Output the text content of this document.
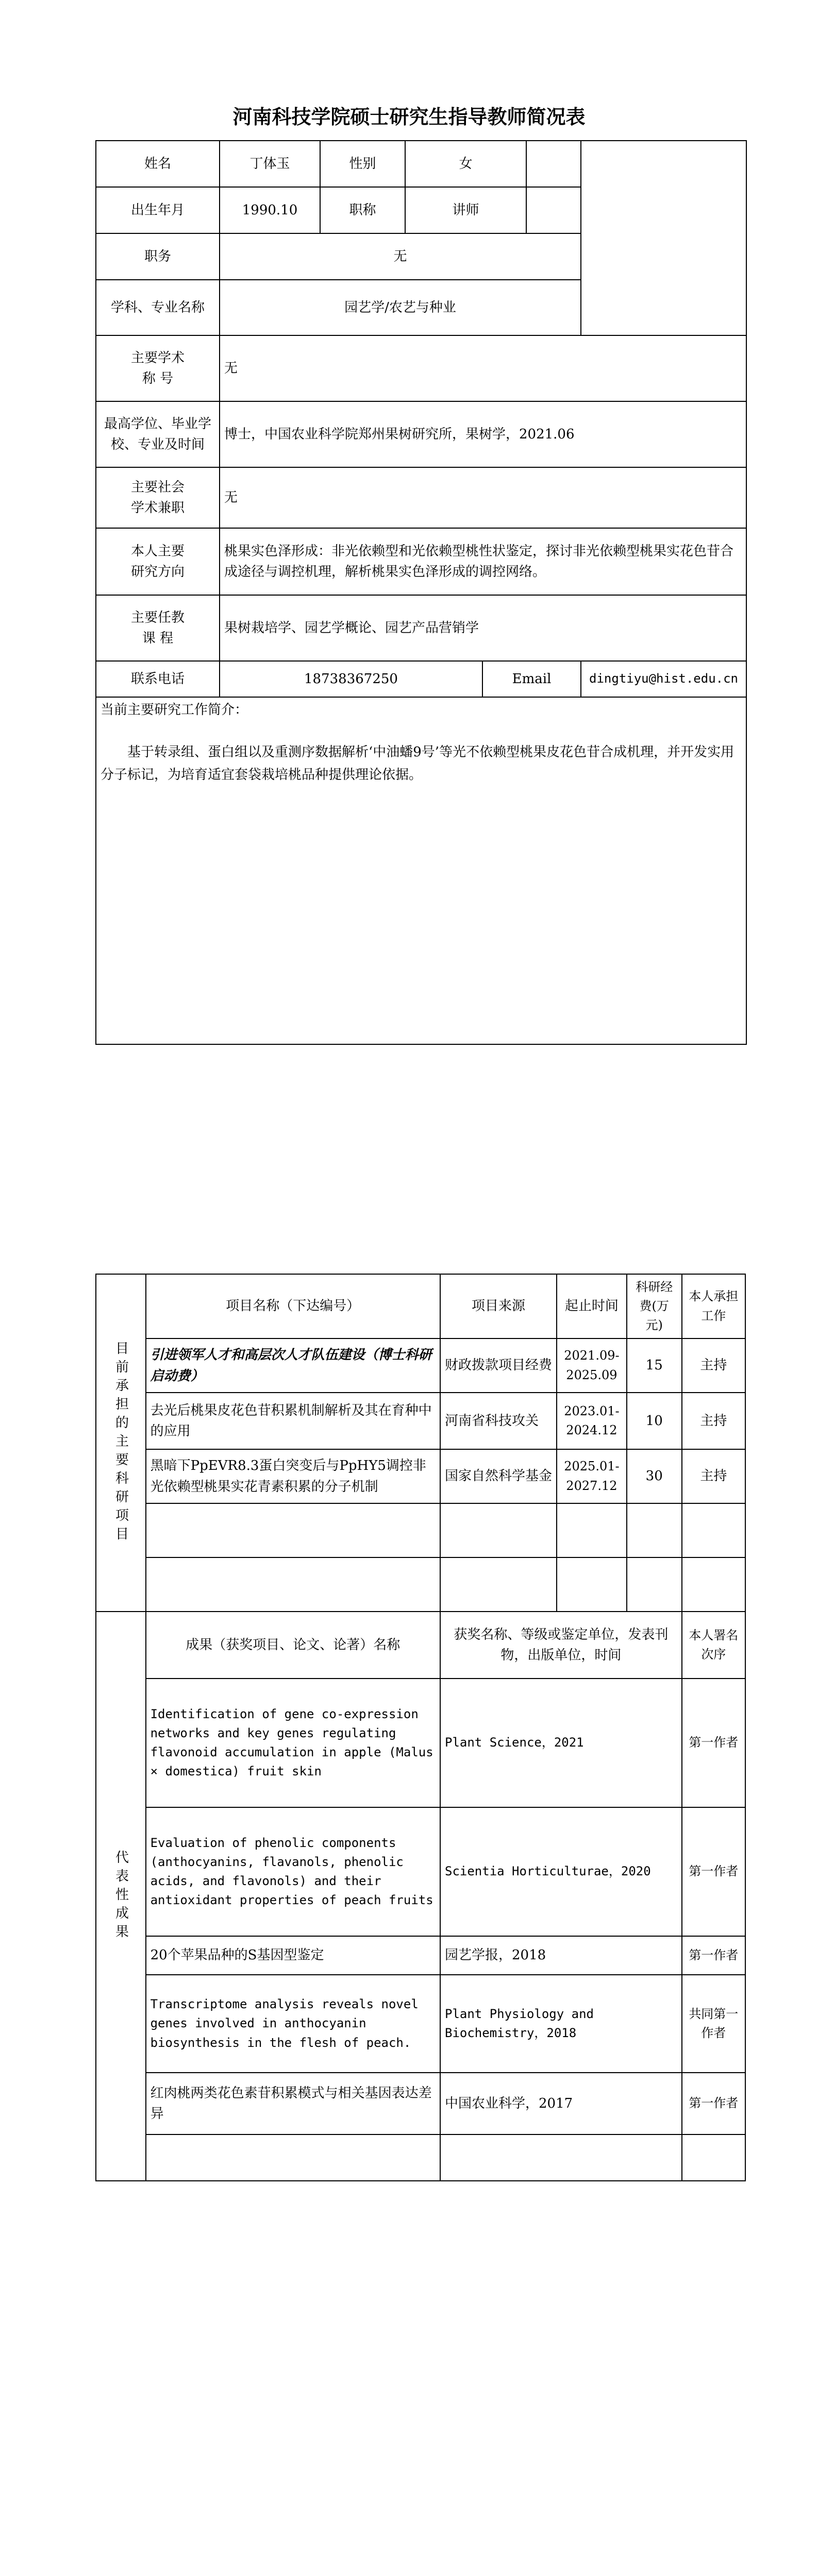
河南科技学院硕士研究生指导教师简况表
姓名	丁体玉	性别	女			

出生年月	1990.10	职称	讲师			
职务	无					
学科、专业名称	园艺学/农艺与种业					
主要学术
称 号	无					
最高学位、毕业学校、专业及时间	博士，中国农业科学院郑州果树研究所，果树学，2021.06					
主要社会
学术兼职	无					
本人主要
研究方向	桃果实色泽形成：非光依赖型和光依赖型桃性状鉴定，探讨非光依赖型桃果实花色苷合成途径与调控机理，解析桃果实色泽形成的调控网络。					
主要任教
课 程	果树栽培学、园艺学概论、园艺产品营销学					
联系电话	18738367250			Email		dingtiyu@hist.edu.cn

当前主要研究工作简介：
基于转录组、蛋白组以及重测序数据解析‘中油蟠9号’等光不依赖型桃果皮花色苷合成机理，并开发实用分子标记，为培育适宜套袋栽培桃品种提供理论依据。						
目前承担的主要科研项目	项目名称（下达编号）	项目来源	起止时间	科研经费(万元)	本人承担工作
	引进领军人才和高层次人才队伍建设（博士科研启动费）	财政拨款项目经费	2021.09-2025.09	15	主持
	去光后桃果皮花色苷积累机制解析及其在育种中的应用	河南省科技攻关	2023.01-2024.12	10	主持
	黑暗下PpEVR8.3蛋白突变后与PpHY5调控非光依赖型桃果实花青素积累的分子机制	国家自然科学基金	2025.01-2027.12	30	主持

代表性成果	成果（获奖项目、论文、论著）名称	获奖名称、等级或鉴定单位，发表刊物，出版单位，时间			本人署名次序
	Identification of gene co-expression networks and key genes regulating flavonoid accumulation in apple (Malus × domestica) fruit skin	Plant Science，2021			第一作者
	Evaluation of phenolic components (anthocyanins, flavanols, phenolic acids, and flavonols) and their antioxidant properties of peach fruits	Scientia Horticulturae，2020			第一作者
	20个苹果品种的S基因型鉴定	园艺学报，2018			第一作者
	Transcriptome analysis reveals novel genes involved in anthocyanin biosynthesis in the flesh of peach.	Plant Physiology and Biochemistry，2018			共同第一作者
	红肉桃两类花色素苷积累模式与相关基因表达差异	中国农业科学，2017			第一作者
